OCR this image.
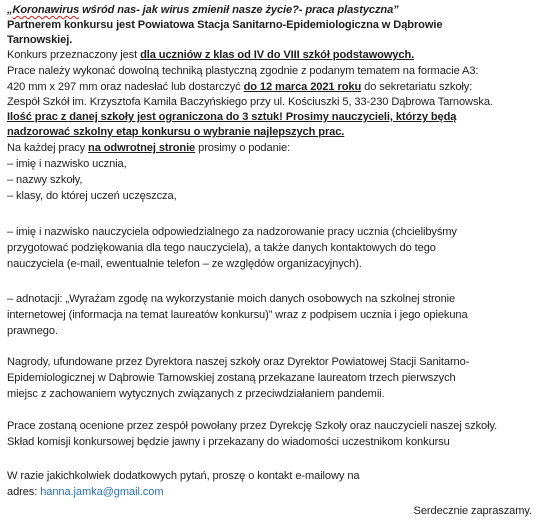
„Koronawirus wśród nas- jak wirus zmienił nasze życie?- praca plastyczna”
Partnerem konkursu jest Powiatowa Stacja Sanitarno-Epidemiologiczna w Dąbrowie
Tarnowskiej.
Konkurs przeznaczony jest dla uczniów z klas od IV do VIII szkół podstawowych.
Prace należy wykonać dowolną techniką plastyczną zgodnie z podanym tematem na formacie A3:
420 mm x 297 mm oraz nadesłać lub dostarczyć do 12 marca 2021 roku do sekretariatu szkoły:
Zespół Szkół im. Krzysztofa Kamila Baczyńskiego przy ul. Kościuszki 5, 33-230 Dąbrowa Tarnowska.
Ilość prac z danej szkoły jest ograniczona do 3 sztuk! Prosimy nauczycieli, którzy będą
nadzorować szkolny etap konkursu o wybranie najlepszych prac.
Na każdej pracy na odwrotnej stronie prosimy o podanie:
– imię i nazwisko ucznia,
– nazwy szkoły,
– klasy, do której uczeń uczęszcza,
– imię i nazwisko nauczyciela odpowiedzialnego za nadzorowanie pracy ucznia (chcielibyśmy
przygotować podziękowania dla tego nauczyciela), a także danych kontaktowych do tego
nauczyciela (e-mail, ewentualnie telefon – ze względów organizacyjnych).
– adnotacji: „Wyrażam zgodę na wykorzystanie moich danych osobowych na szkolnej stronie
internetowej (informacja na temat laureatów konkursu)” wraz z podpisem ucznia i jego opiekuna
prawnego.
Nagrody, ufundowane przez Dyrektora naszej szkoły oraz Dyrektor Powiatowej Stacji Sanitarno-
Epidemiologicznej w Dąbrowie Tarnowskiej zostaną przekazane laureatom trzech pierwszych
miejsc z zachowaniem wytycznych związanych z przeciwdziałaniem pandemii.
Prace zostaną ocenione przez zespół powołany przez Dyrekcję Szkoły oraz nauczycieli naszej szkoły.
Skład komisji konkursowej będzie jawny i przekazany do wiadomości uczestnikom konkursu
W razie jakichkolwiek dodatkowych pytań, proszę o kontakt e-mailowy na
adres: hanna.jamka@gmail.com
Serdecznie zapraszamy.
